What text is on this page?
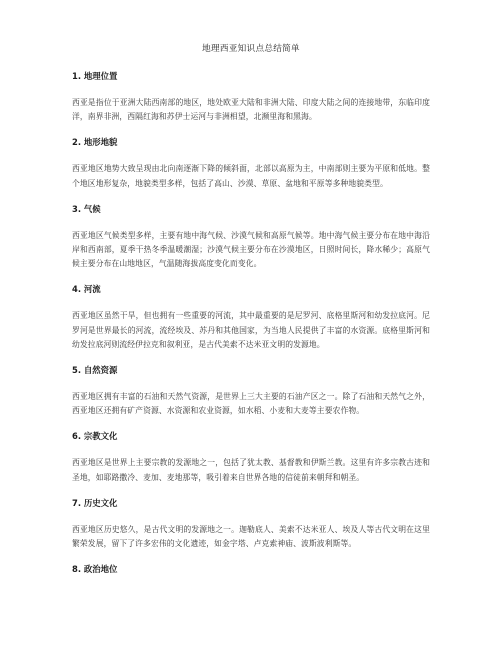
地理西亚知识点总结简单
1. 地理位置
西亚是指位于亚洲大陆西南部的地区，地处欧亚大陆和非洲大陆、印度大陆之间的连接地带，东临印度洋，南界非洲，西隔红海和苏伊士运河与非洲相望，北濒里海和黑海。
2. 地形地貌
西亚地区地势大致呈现由北向南逐渐下降的倾斜面，北部以高原为主，中南部则主要为平原和低地。整个地区地形复杂，地貌类型多样，包括了高山、沙漠、草原、盆地和平原等多种地貌类型。
3. 气候
西亚地区气候类型多样，主要有地中海气候、沙漠气候和高原气候等。地中海气候主要分布在地中海沿岸和西南部，夏季干热冬季温暖潮湿；沙漠气候主要分布在沙漠地区，日照时间长，降水稀少；高原气候主要分布在山地地区，气温随海拔高度变化而变化。
4. 河流
西亚地区虽然干旱，但也拥有一些重要的河流，其中最重要的是尼罗河、底格里斯河和幼发拉底河。尼罗河是世界最长的河流，流经埃及、苏丹和其他国家，为当地人民提供了丰富的水资源。底格里斯河和幼发拉底河则流经伊拉克和叙利亚，是古代美索不达米亚文明的发源地。
5. 自然资源
西亚地区拥有丰富的石油和天然气资源，是世界上三大主要的石油产区之一。除了石油和天然气之外，西亚地区还拥有矿产资源、水资源和农业资源，如水稻、小麦和大麦等主要农作物。
6. 宗教文化
西亚地区是世界上主要宗教的发源地之一，包括了犹太教、基督教和伊斯兰教。这里有许多宗教古迹和圣地，如耶路撒冷、麦加、麦地那等，吸引着来自世界各地的信徒前来朝拜和朝圣。
7. 历史文化
西亚地区历史悠久，是古代文明的发源地之一。迦勒底人、美索不达米亚人、埃及人等古代文明在这里繁荣发展，留下了许多宏伟的文化遗迹，如金字塔、卢克索神庙、波斯波利斯等。
8. 政治地位
